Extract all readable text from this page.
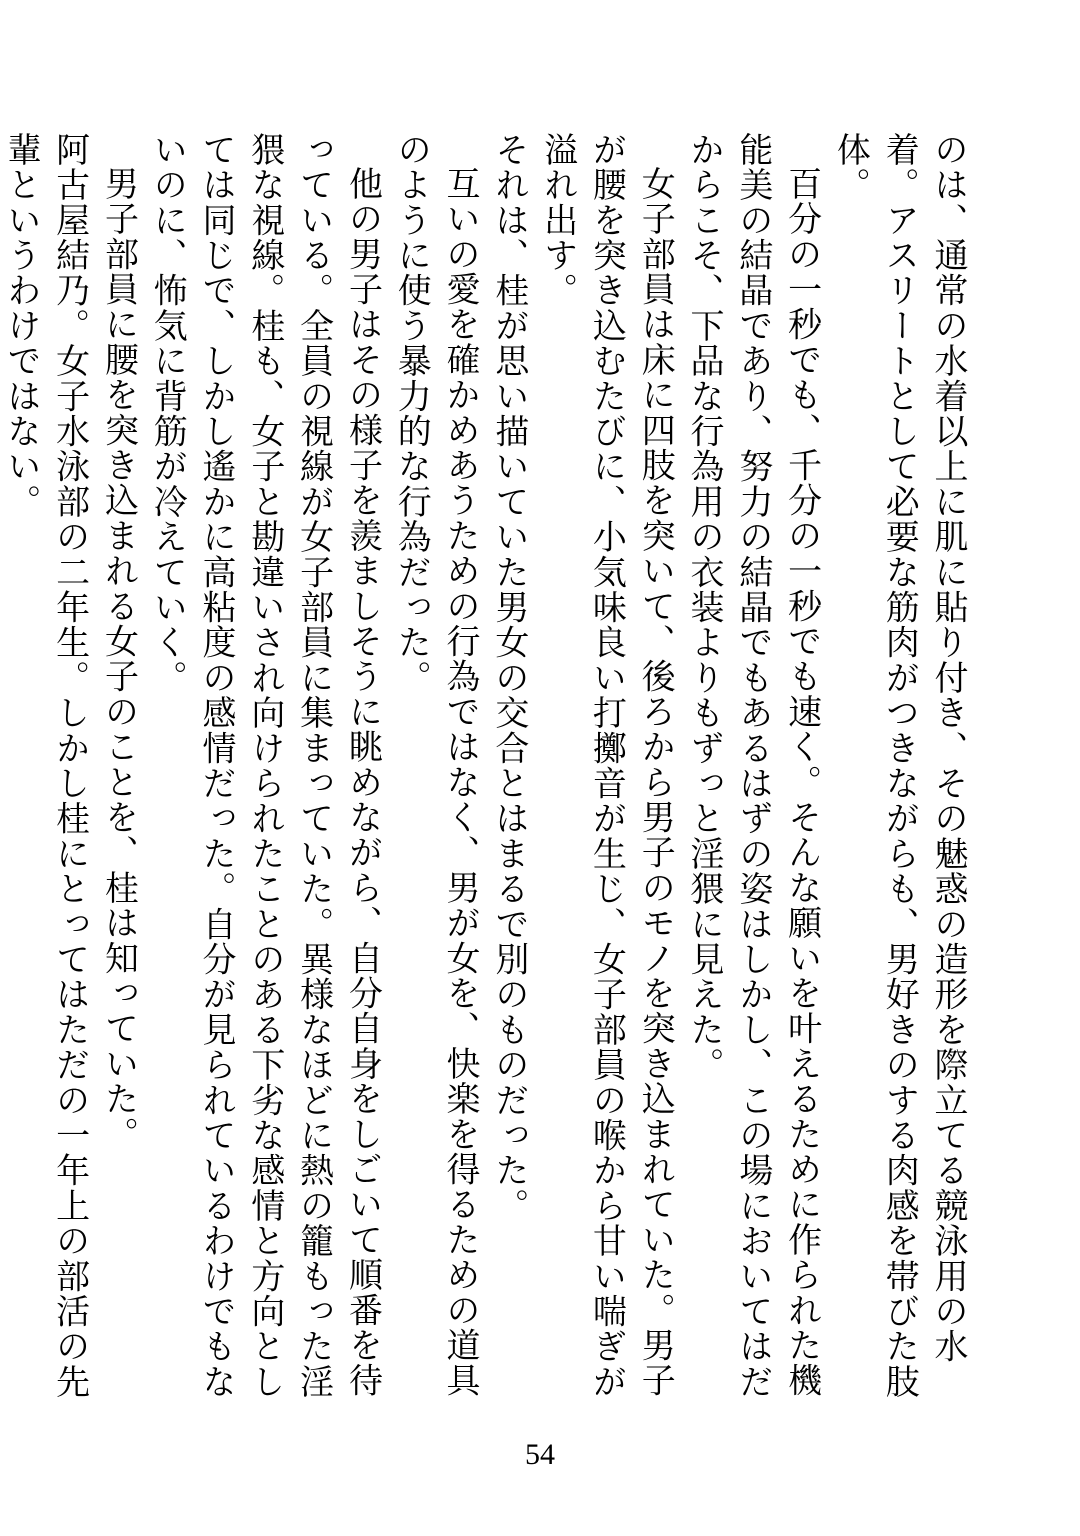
のは、通常の水着以上に肌に貼り付き、その魅惑の造形を際立てる競泳用の水着。アスリートとして必要な筋肉がつきながらも、男好きのする肉感を帯びた肢体。

百分の一秒でも、千分の一秒でも速く。そんな願いを叶えるために作られた機能美の結晶であり、努力の結晶でもあるはずの姿はしかし、この場においてはだからこそ、下品な行為用の衣装よりもずっと淫猥に見えた。

女子部員は床に四肢を突いて、後ろから男子のモノを突き込まれていた。男子が腰を突き込むたびに、小気味良い打擲音が生じ、女子部員の喉から甘い喘ぎが溢れ出す。

それは、桂が思い描いていた男女の交合とはまるで別のものだった。

互いの愛を確かめあうための行為ではなく、男が女を、快楽を得るための道具のように使う暴力的な行為だった。

他の男子はその様子を羨ましそうに眺めながら、自分自身をしごいて順番を待っている。全員の視線が女子部員に集まっていた。異様なほどに熱の籠もった淫猥な視線。桂も、女子と勘違いされ向けられたことのある下劣な感情と方向としては同じで、しかし遙かに高粘度の感情だった。自分が見られているわけでもないのに、怖気に背筋が冷えていく。

男子部員に腰を突き込まれる女子のことを、桂は知っていた。

阿古屋結乃。女子水泳部の二年生。しかし桂にとってはただの一年上の部活の先輩というわけではない。

54
